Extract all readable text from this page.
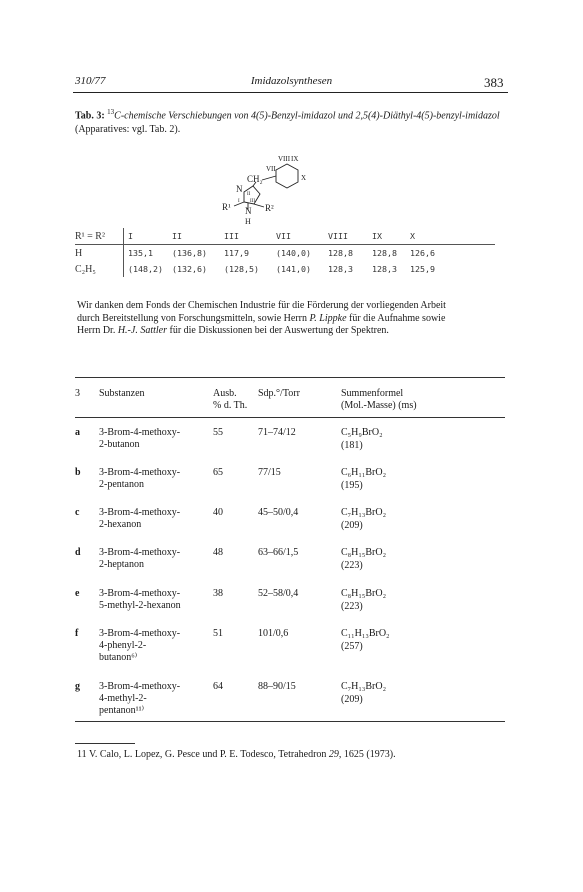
310/77	Imidazolsynthesen	383
Tab. 3: $^{13}$C-chemische Verschiebungen von 4(5)-Benzyl-imidazol und 2,5(4)-Diäthyl-4(5)-benzyl-imidazol (Apparatives: vgl. Tab. 2).
VIII IX
VII
CH₂	X
N
II
I III
R¹ N R²
H
R¹ = R²	I	II	III	VII	VIII	IX	X
H	135,1	(136,8)	117,9	(140,0)	128,8	128,8	126,6
C₂H₅	(148,2)	(132,6)	(128,5)	(141,0)	128,3	128,3	125,9
Wir danken dem Fonds der Chemischen Industrie für die Förderung der vorliegenden Arbeit
durch Bereitstellung von Forschungsmitteln, sowie Herrn P. Lippke für die Aufnahme sowie
Herrn Dr. H.-J. Sattler für die Diskussionen bei der Auswertung der Spektren.
3 Substanzen	Ausb.
% d. Th.
Sdp.°/Torr	Summenformel
(Mol.-Masse) (ms)
a 3-Brom-4-methoxy-
2-butanon
55	71–74/12	C₅H₉BrO₂
(181)
b 3-Brom-4-methoxy-
2-pentanon
65	77/15	C₆H₁₁BrO₂
(195)
c 3-Brom-4-methoxy-
2-hexanon
40	45–50/0,4	C₇H₁₃BrO₂
(209)
d 3-Brom-4-methoxy-
2-heptanon
48	63–66/1,5	C₈H₁₅BrO₂
(223)
e 3-Brom-4-methoxy-
5-methyl-2-hexanon
38	52–58/0,4	C₈H₁₅BrO₂
(223)
f 3-Brom-4-methoxy-
4-phenyl-2-
butanon⁶⁾
51	101/0,6	C₁₁H₁₃BrO₂
(257)
g 3-Brom-4-methoxy-
4-methyl-2-
pentanon¹¹⁾
64	88–90/15	C₇H₁₃BrO₂
(209)
11 V. Calo, L. Lopez, G. Pesce und P. E. Todesco, Tetrahedron 29, 1625 (1973).
